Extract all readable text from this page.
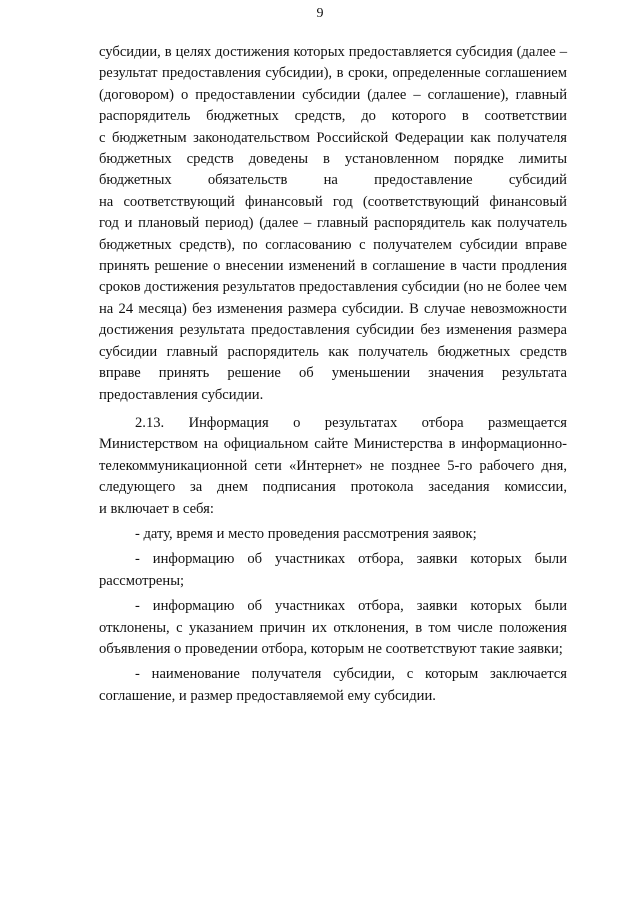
9
субсидии, в целях достижения которых предоставляется субсидия (далее –
результат предоставления субсидии), в сроки, определенные соглашением
(договором) о предоставлении субсидии (далее – соглашение), главный
распорядитель бюджетных средств, до которого в соответствии
с бюджетным законодательством Российской Федерации как получателя
бюджетных средств доведены в установленном порядке лимиты
бюджетных обязательств на предоставление субсидий
на соответствующий финансовый год (соответствующий финансовый
год и плановый период) (далее – главный распорядитель как получатель
бюджетных средств), по согласованию с получателем субсидии вправе
принять решение о внесении изменений в соглашение в части продления
сроков достижения результатов предоставления субсидии (но не более чем
на 24 месяца) без изменения размера субсидии. В случае невозможности
достижения результата предоставления субсидии без изменения размера
субсидии главный распорядитель как получатель бюджетных средств
вправе принять решение об уменьшении значения результата
предоставления субсидии.
2.13. Информация о результатах отбора размещается
Министерством на официальном сайте Министерства в информационно-
телекоммуникационной сети «Интернет» не позднее 5-го рабочего дня,
следующего за днем подписания протокола заседания комиссии,
и включает в себя:
- дату, время и место проведения рассмотрения заявок;
- информацию об участниках отбора, заявки которых были
рассмотрены;
- информацию об участниках отбора, заявки которых были
отклонены, с указанием причин их отклонения, в том числе положения
объявления о проведении отбора, которым не соответствуют такие заявки;
- наименование получателя субсидии, с которым заключается
соглашение, и размер предоставляемой ему субсидии.
